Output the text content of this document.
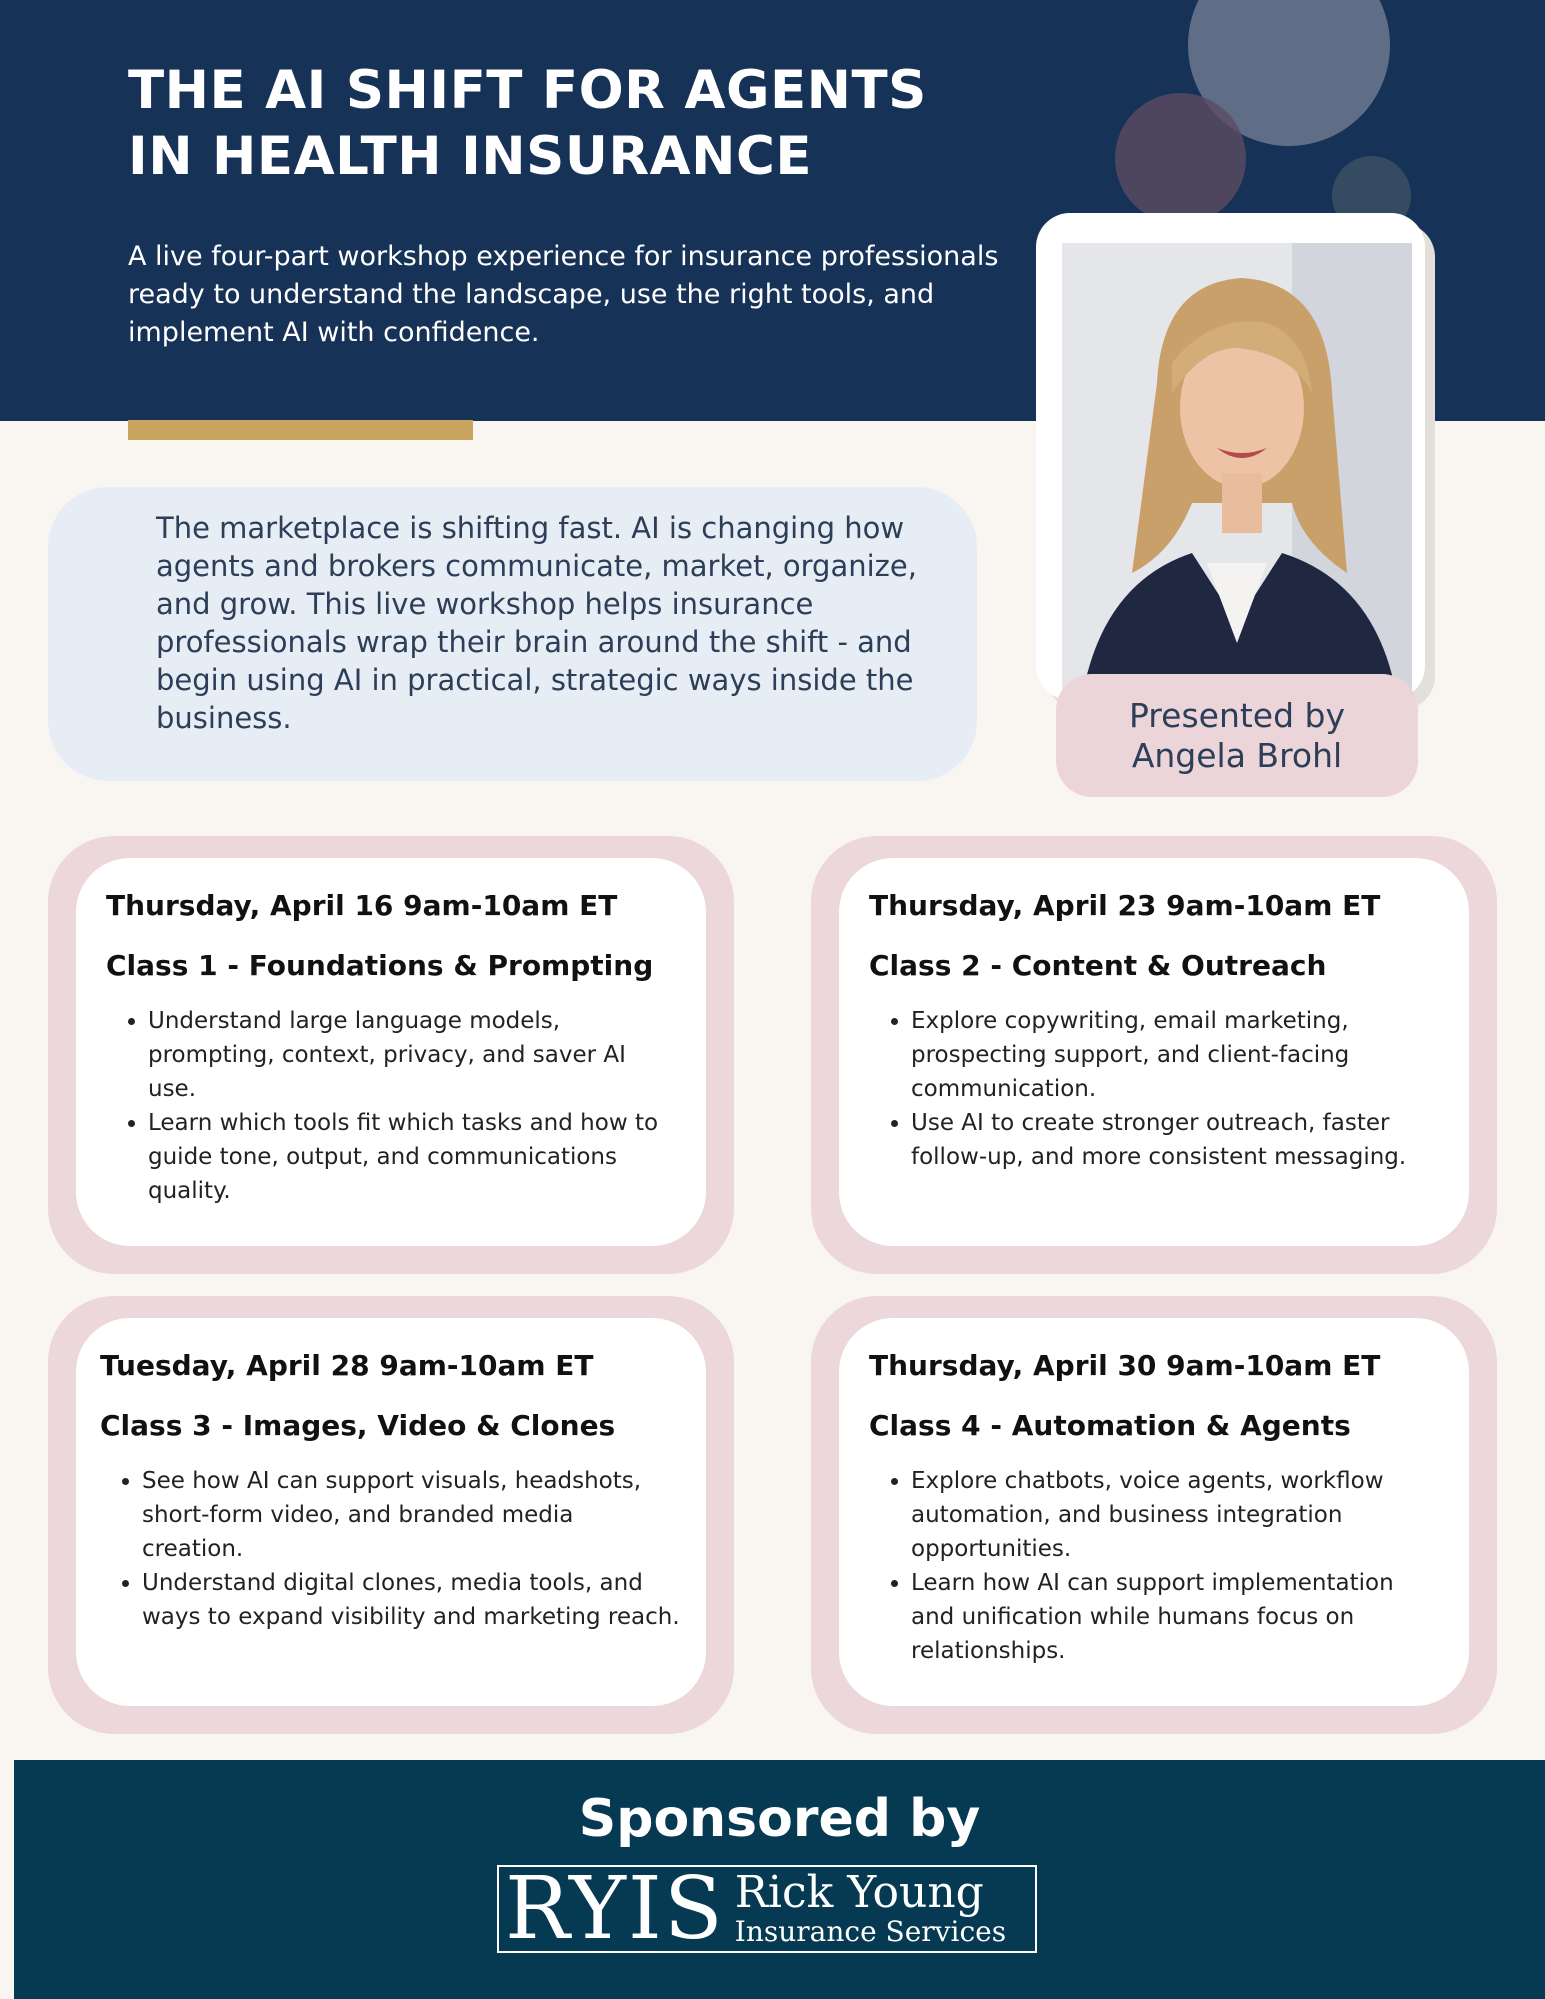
THE AI SHIFT FOR AGENTS
IN HEALTH INSURANCE

A live four-part workshop experience for insurance professionals ready to understand the landscape, use the right tools, and implement AI with confidence.

The marketplace is shifting fast. AI is changing how agents and brokers communicate, market, organize, and grow. This live workshop helps insurance professionals wrap their brain around the shift - and begin using AI in practical, strategic ways inside the business.	Presented by
Angela Brohl

Thursday, April 16 9am-10am ET

Class 1 - Foundations & Prompting

• Understand large language models, prompting, context, privacy, and saver AI use.
• Learn which tools fit which tasks and how to guide tone, output, and communications quality.

Thursday, April 23 9am-10am ET

Class 2 - Content & Outreach

• Explore copywriting, email marketing, prospecting support, and client-facing communication.
• Use AI to create stronger outreach, faster follow-up, and more consistent messaging.

Tuesday, April 28 9am-10am ET

Class 3 - Images, Video & Clones

• See how AI can support visuals, headshots, short-form video, and branded media creation.
• Understand digital clones, media tools, and ways to expand visibility and marketing reach.

Thursday, April 30 9am-10am ET

Class 4 - Automation & Agents

• Explore chatbots, voice agents, workflow automation, and business integration opportunities.
• Learn how AI can support implementation and unification while humans focus on relationships.
Sponsored by
RYIS Rick Young
Insurance Services
